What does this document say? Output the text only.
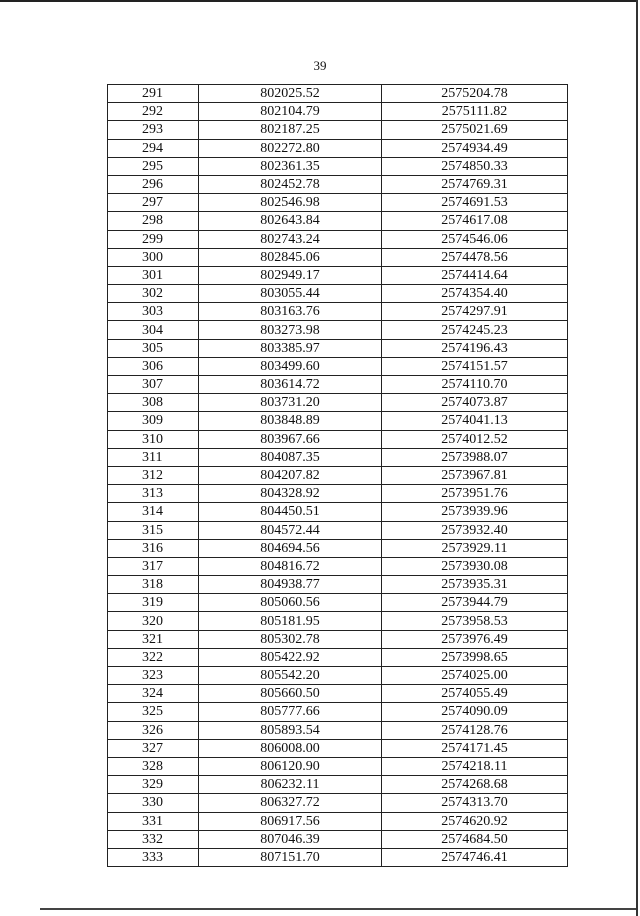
39
291	802025.52	2575204.78
292	802104.79	2575111.82
293	802187.25	2575021.69
294	802272.80	2574934.49
295	802361.35	2574850.33
296	802452.78	2574769.31
297	802546.98	2574691.53
298	802643.84	2574617.08
299	802743.24	2574546.06
300	802845.06	2574478.56
301	802949.17	2574414.64
302	803055.44	2574354.40
303	803163.76	2574297.91
304	803273.98	2574245.23
305	803385.97	2574196.43
306	803499.60	2574151.57
307	803614.72	2574110.70
308	803731.20	2574073.87
309	803848.89	2574041.13
310	803967.66	2574012.52
311	804087.35	2573988.07
312	804207.82	2573967.81
313	804328.92	2573951.76
314	804450.51	2573939.96
315	804572.44	2573932.40
316	804694.56	2573929.11
317	804816.72	2573930.08
318	804938.77	2573935.31
319	805060.56	2573944.79
320	805181.95	2573958.53
321	805302.78	2573976.49
322	805422.92	2573998.65
323	805542.20	2574025.00
324	805660.50	2574055.49
325	805777.66	2574090.09
326	805893.54	2574128.76
327	806008.00	2574171.45
328	806120.90	2574218.11
329	806232.11	2574268.68
330	806327.72	2574313.70
331	806917.56	2574620.92
332	807046.39	2574684.50
333	807151.70	2574746.41
